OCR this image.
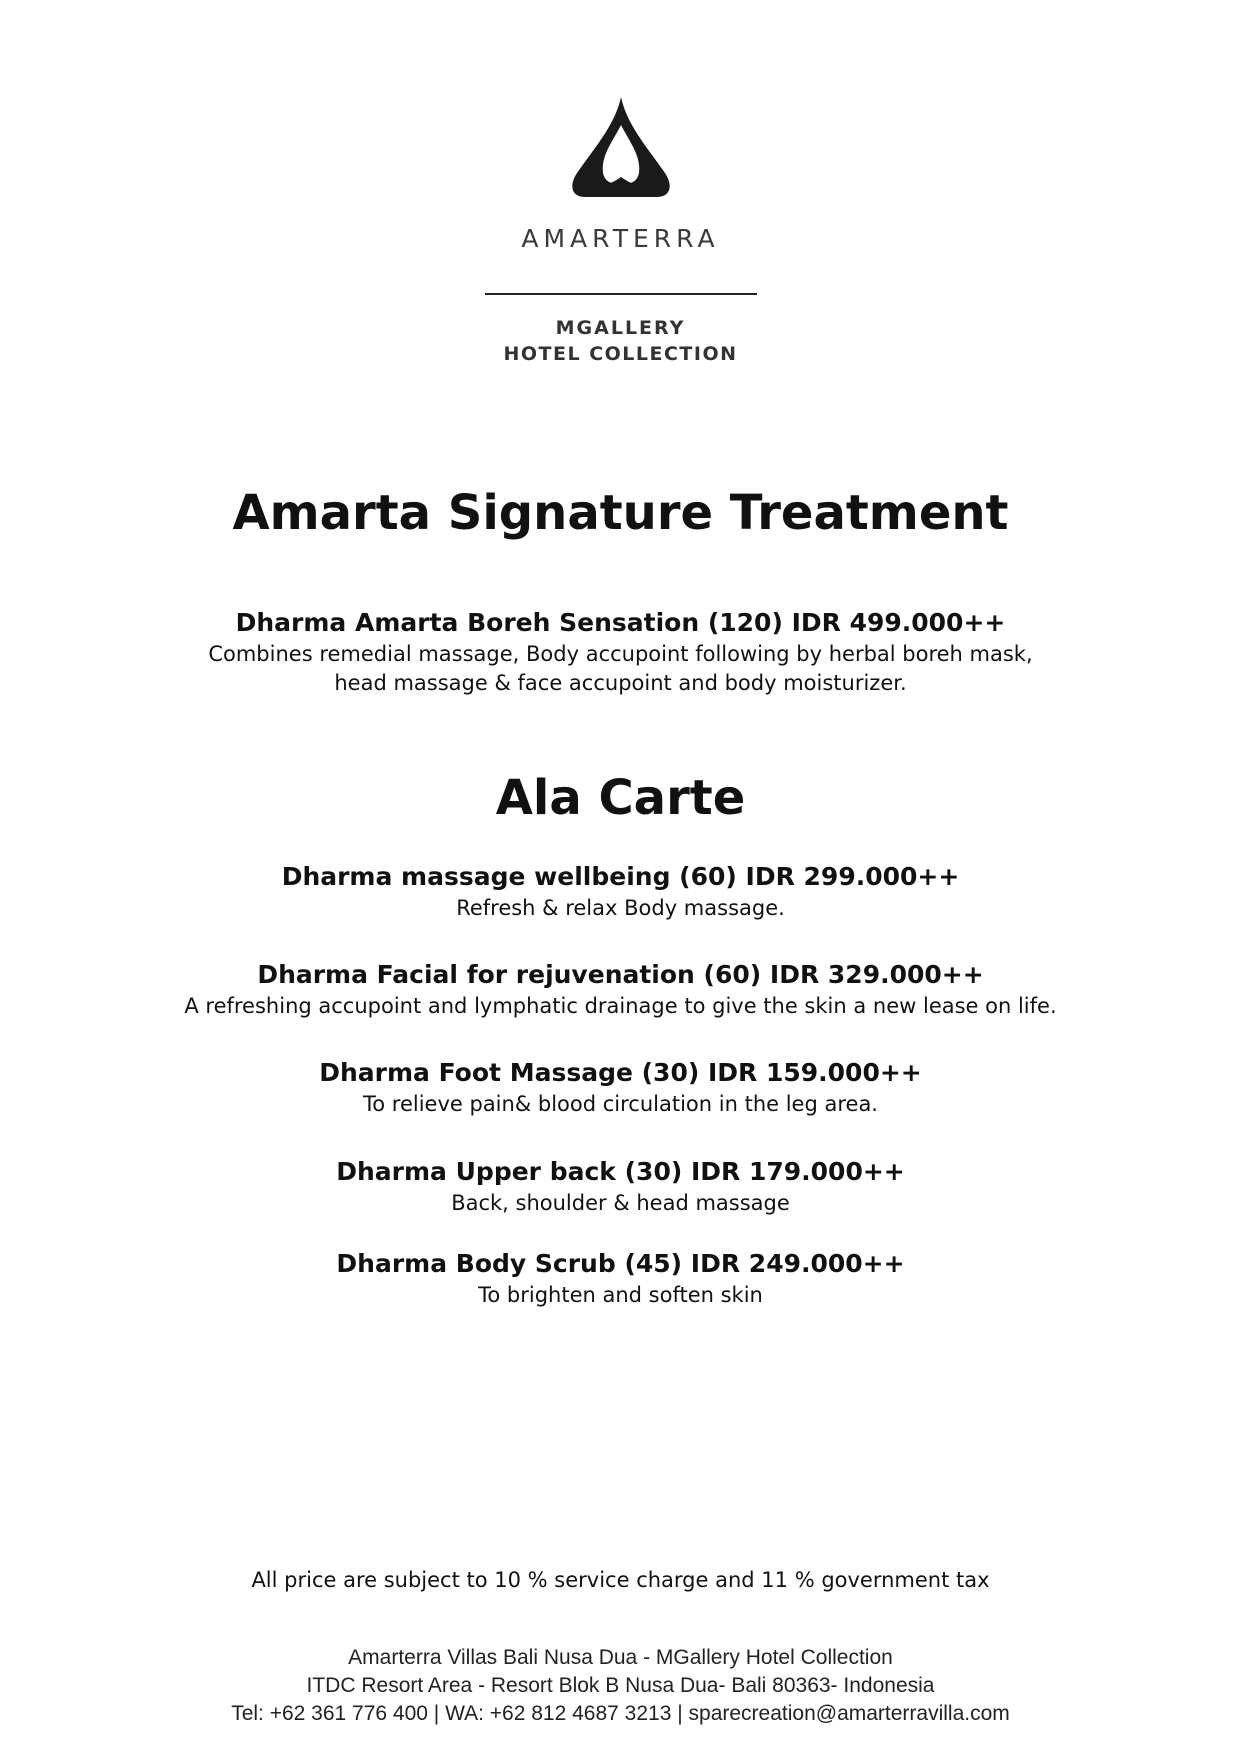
AMARTERRA
MGALLERY
HOTEL COLLECTION
Amarta Signature Treatment
Dharma Amarta Boreh Sensation (120) IDR 499.000++
Combines remedial massage, Body accupoint following by herbal boreh mask,
head massage & face accupoint and body moisturizer.
Ala Carte
Dharma massage wellbeing (60) IDR 299.000++
Refresh & relax Body massage.
Dharma Facial for rejuvenation (60) IDR 329.000++
A refreshing accupoint and lymphatic drainage to give the skin a new lease on life.
Dharma Foot Massage (30) IDR 159.000++
To relieve pain& blood circulation in the leg area.
Dharma Upper back (30) IDR 179.000++
Back, shoulder & head massage
Dharma Body Scrub (45) IDR 249.000++
To brighten and soften skin
All price are subject to 10 % service charge and 11 % government tax
Amarterra Villas Bali Nusa Dua - MGallery Hotel Collection
ITDC Resort Area - Resort Blok B Nusa Dua- Bali 80363- Indonesia
Tel: +62 361 776 400 | WA: +62 812 4687 3213 | sparecreation@amarterravilla.com
